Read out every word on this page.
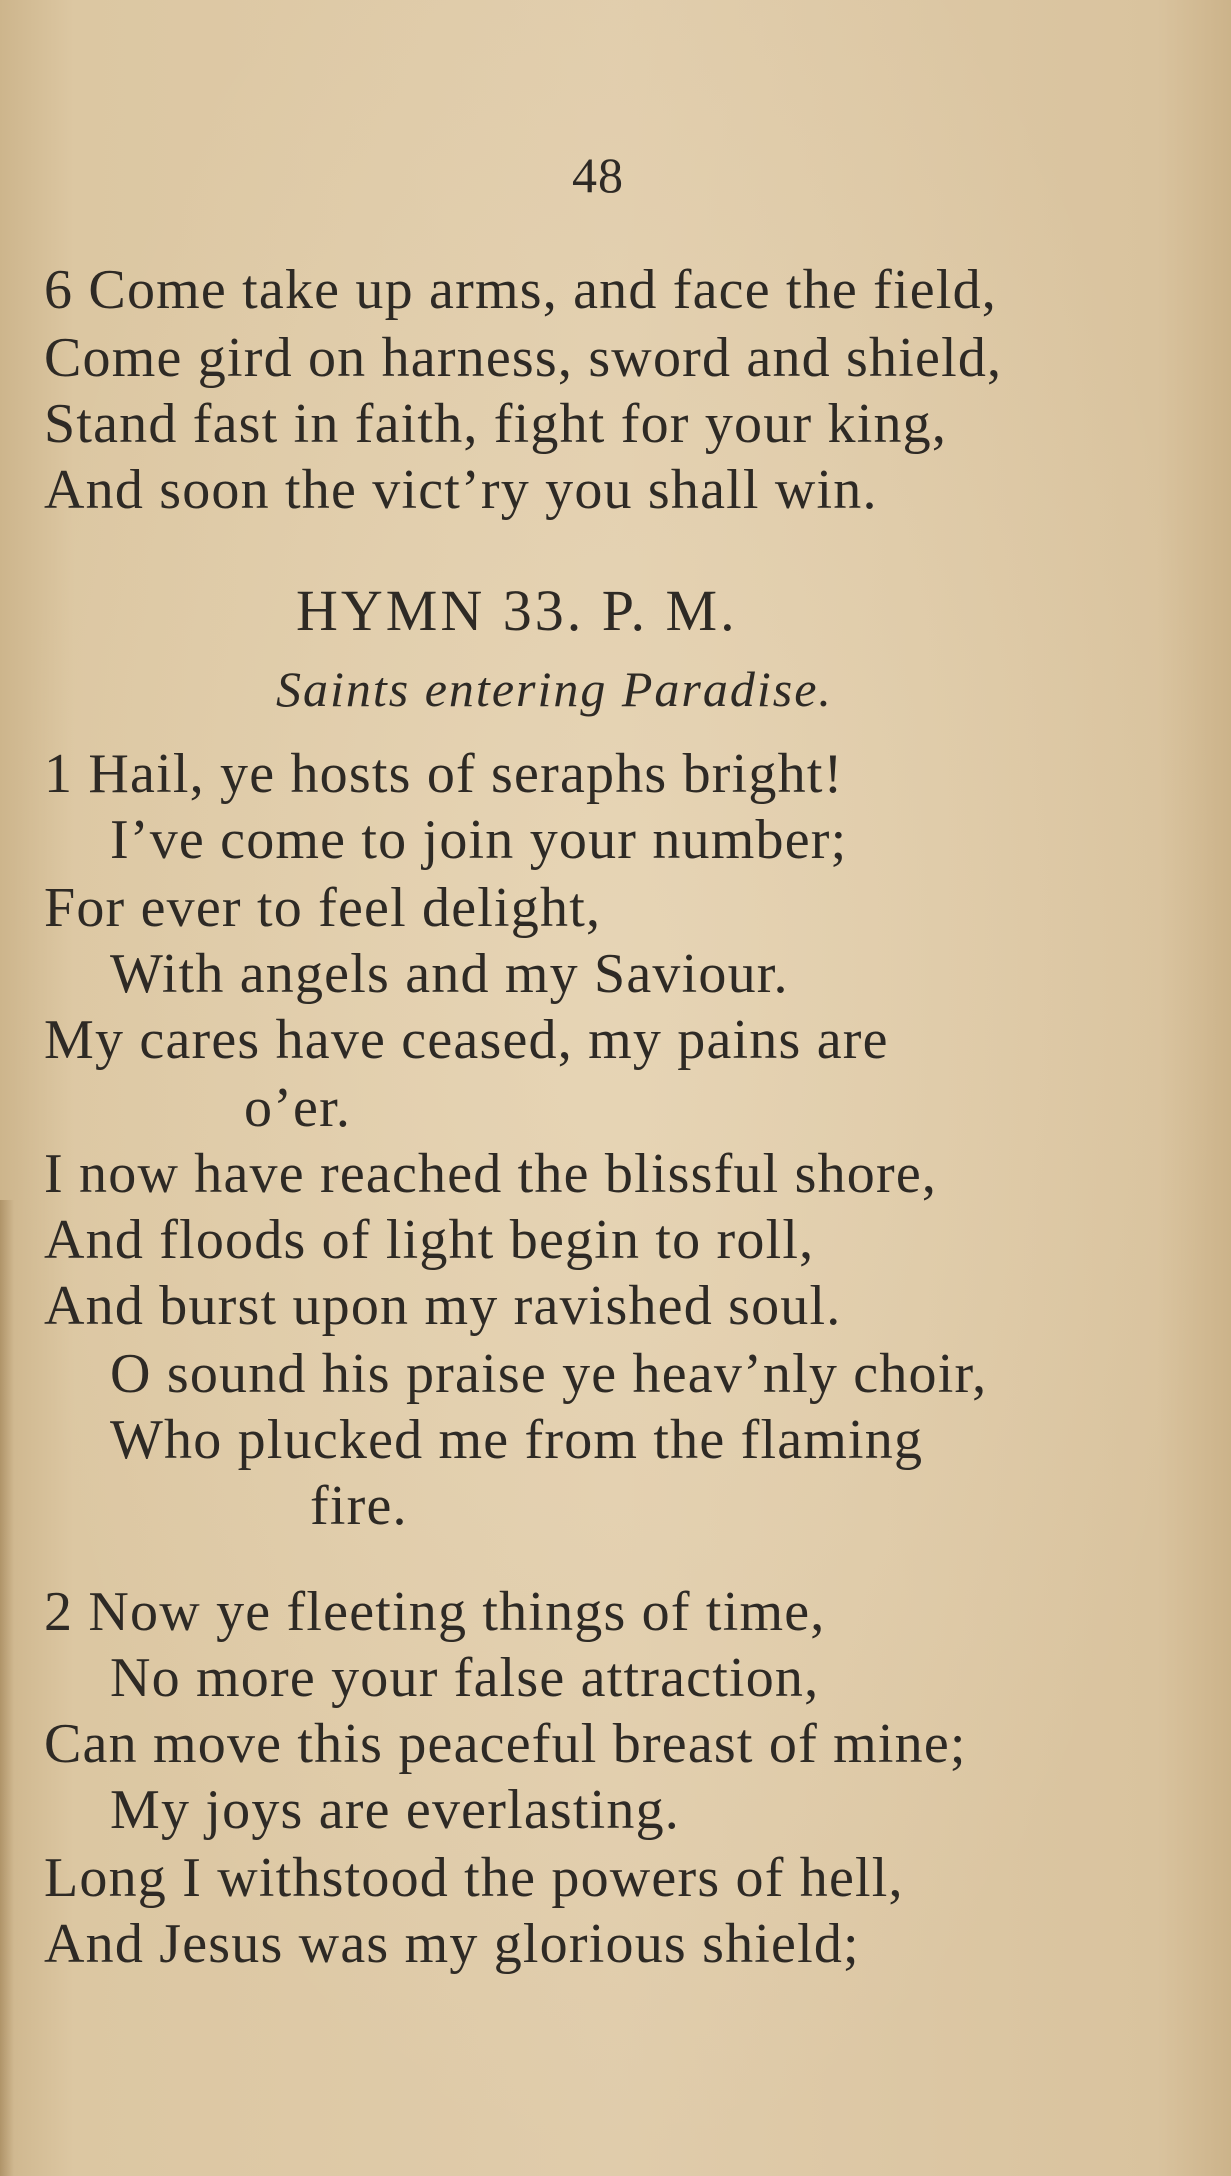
48
6 Come take up arms, and face the field,
Come gird on harness, sword and shield,
Stand fast in faith, fight for your king,
And soon the vict’ry you shall win.
HYMN 33. P. M.
Saints entering Paradise.
1 Hail, ye hosts of seraphs bright!
I’ve come to join your number;
For ever to feel delight,
With angels and my Saviour.
My cares have ceased, my pains are
o’er.
I now have reached the blissful shore,
And floods of light begin to roll,
And burst upon my ravished soul.
O sound his praise ye heav’nly choir,
Who plucked me from the flaming
fire.
2 Now ye fleeting things of time,
No more your false attraction,
Can move this peaceful breast of mine;
My joys are everlasting.
Long I withstood the powers of hell,
And Jesus was my glorious shield;
